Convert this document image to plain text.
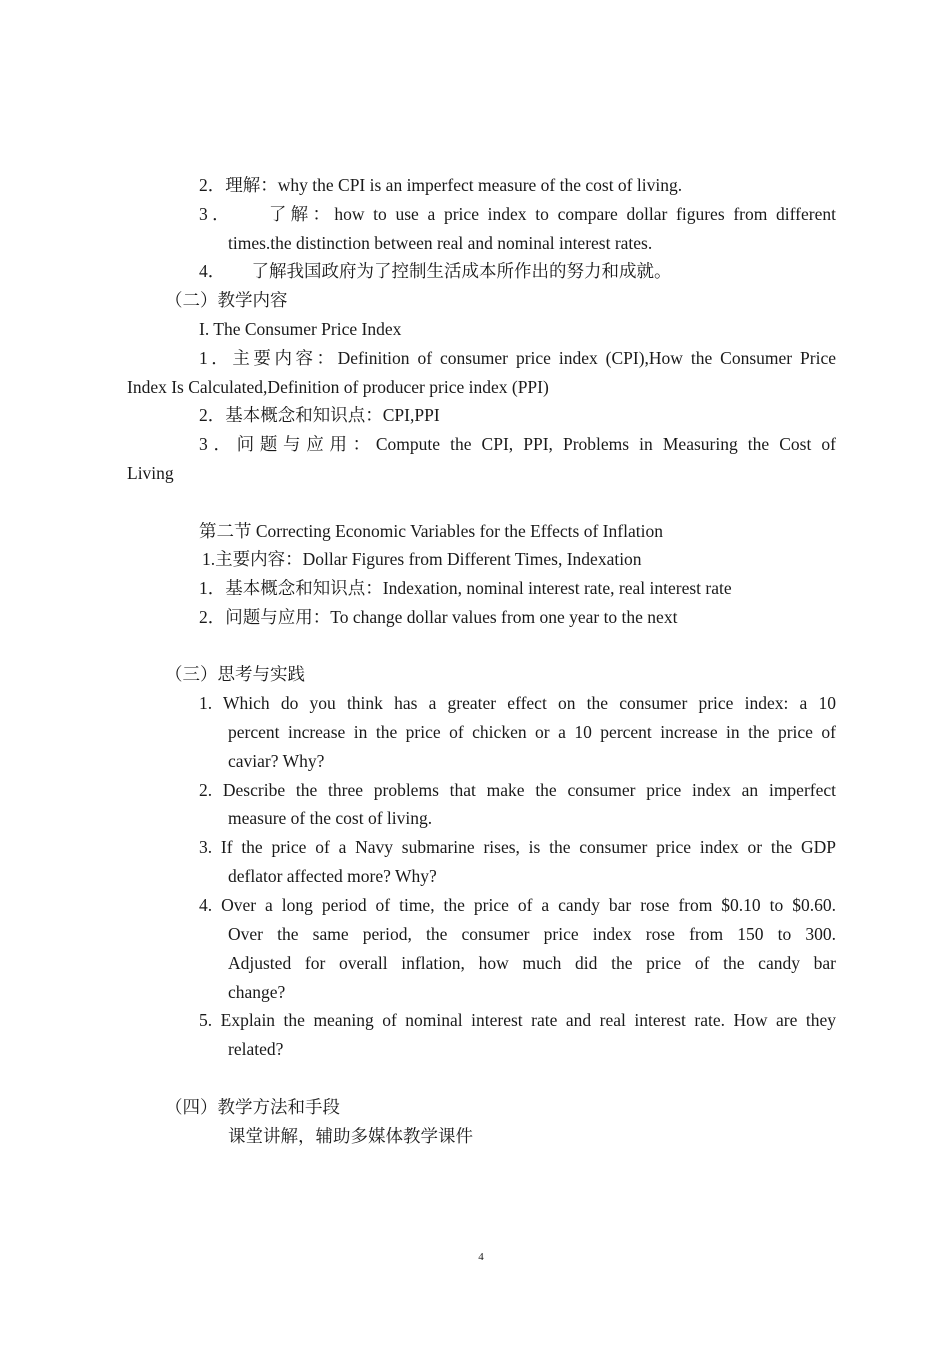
2．理解：why the CPI is an imperfect measure of the cost of living.
3．　　了解：how to use a price index to compare dollar figures from different
times.the distinction between real and nominal interest rates.
4．　　了解我国政府为了控制生活成本所作出的努力和成就。
（二）教学内容
I. The Consumer Price Index
1．主要内容：Definition of consumer price index (CPI),How the Consumer Price
Index Is Calculated,Definition of producer price index (PPI)
2．基本概念和知识点：CPI,PPI
3．问题与应用：Compute the CPI, PPI, Problems in Measuring the Cost of
Living
第二节 Correcting Economic Variables for the Effects of Inflation
1.主要内容：Dollar Figures from Different Times, Indexation
1．基本概念和知识点：Indexation, nominal interest rate, real interest rate
2．问题与应用：To change dollar values from one year to the next
（三）思考与实践
1. Which do you think has a greater effect on the consumer price index: a 10
percent increase in the price of chicken or a 10 percent increase in the price of
caviar? Why?
2. Describe the three problems that make the consumer price index an imperfect
measure of the cost of living.
3. If the price of a Navy submarine rises, is the consumer price index or the GDP
deflator affected more? Why?
4. Over a long period of time, the price of a candy bar rose from $0.10 to $0.60.
Over the same period, the consumer price index rose from 150 to 300.
Adjusted for overall inflation, how much did the price of the candy bar
change?
5. Explain the meaning of nominal interest rate and real interest rate. How are they
related?
（四）教学方法和手段
课堂讲解，辅助多媒体教学课件
4
